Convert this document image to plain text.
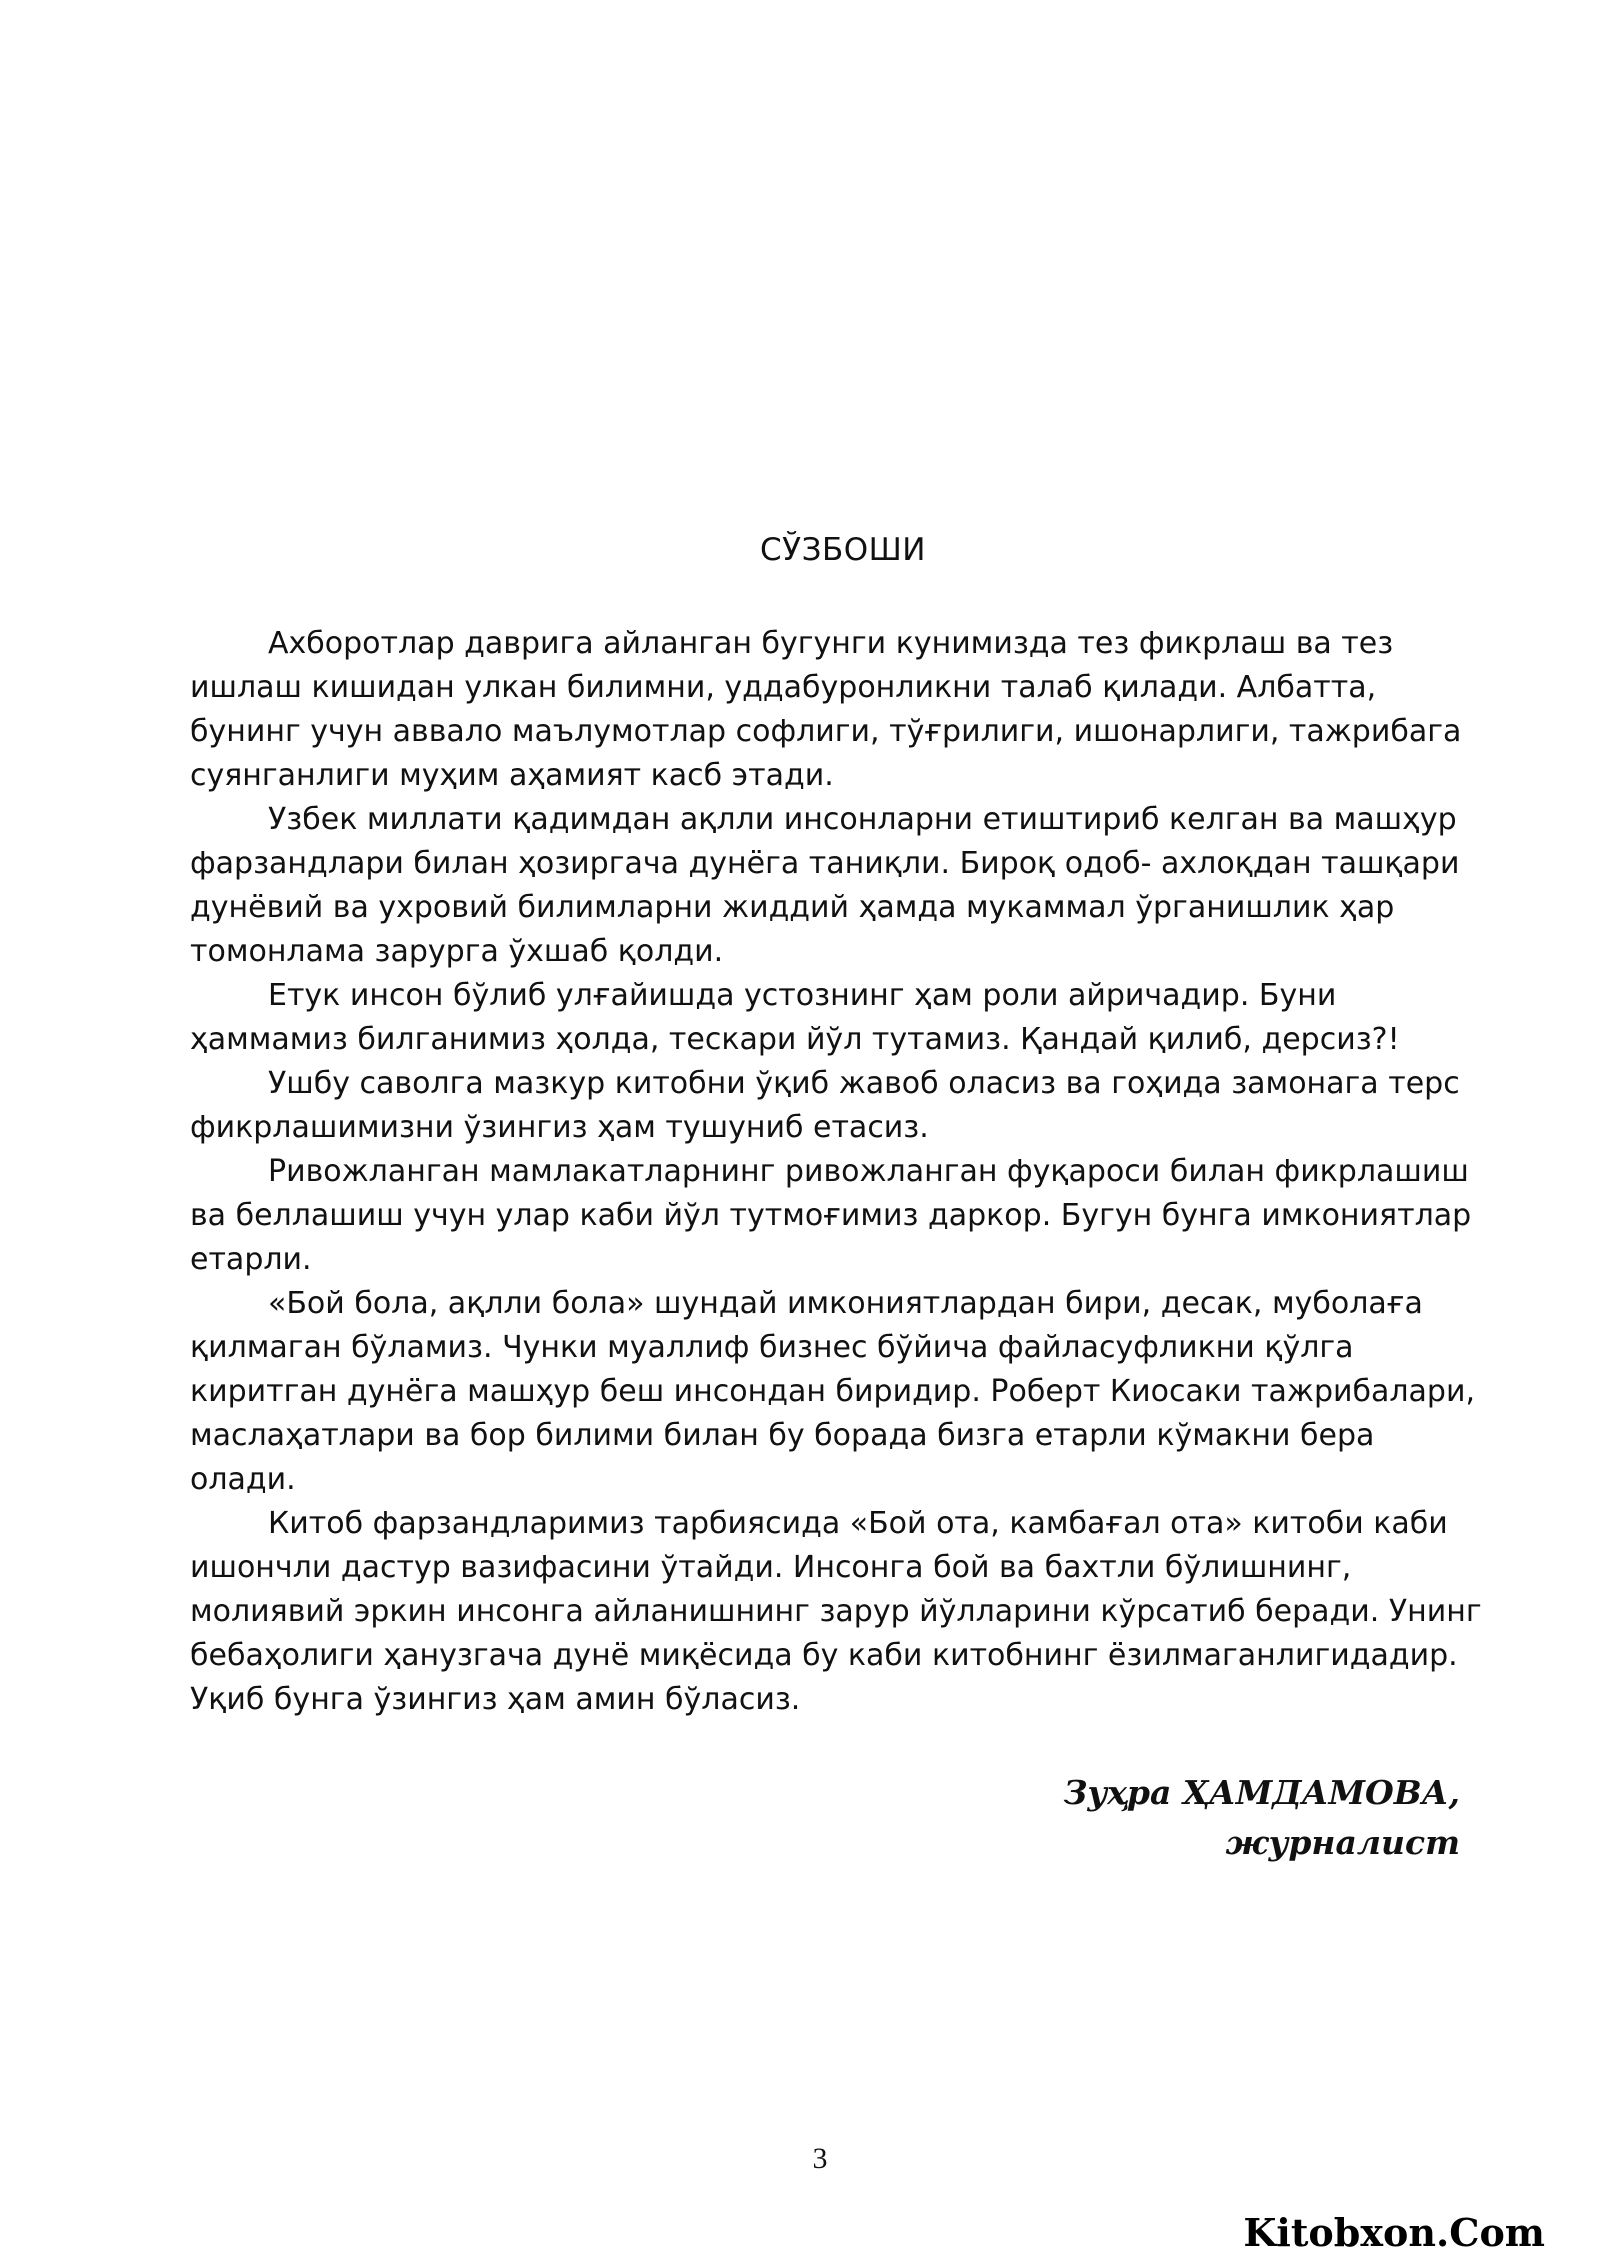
СЎЗБОШИ

Ахборотлар даврига айланган бугунги кунимизда тез фикрлаш ва тез ишлаш кишидан улкан билимни, уддабуронликни талаб қилади. Албатта, бунинг учун аввало маълумотлар софлиги, тўғрилиги, ишонарлиги, тажрибага суянганлиги муҳим аҳамият касб этади.

Узбек миллати қадимдан ақлли инсонларни етиштириб келган ва машҳур фарзандлари билан ҳозиргача дунёга таниқли. Бироқ одоб- ахлоқдан ташқари дунёвий ва ухровий билимларни жиддий ҳамда мукаммал ўрганишлик ҳар томонлама зарурга ўхшаб қолди.

Етук инсон бўлиб улғайишда устознинг ҳам роли айричадир. Буни ҳаммамиз билганимиз ҳолда, тескари йўл тутамиз. Қандай қилиб, дерсиз?!

Ушбу саволга мазкур китобни ўқиб жавоб оласиз ва гоҳида замонага терс фикрлашимизни ўзингиз ҳам тушуниб етасиз.

Ривожланган мамлакатларнинг ривожланган фуқароси билан фикрлашиш ва беллашиш учун улар каби йўл тутмоғимиз даркор. Бугун бунга имкониятлар етарли.

«Бой бола, ақлли бола» шундай имкониятлардан бири, десак, муболаға қилмаган бўламиз. Чунки муаллиф бизнес бўйича файласуфликни қўлга киритган дунёга машҳур беш инсондан биридир. Роберт Киосаки тажрибалари, маслаҳатлари ва бор билими билан бу борада бизга етарли кўмакни бера олади.

Китоб фарзандларимиз тарбиясида «Бой ота, камбағал ота» китоби каби ишончли дастур вазифасини ўтайди. Инсонга бой ва бахтли бўлишнинг, молиявий эркин инсонга айланишнинг зарур йўлларини кўрсатиб беради. Унинг бебаҳолиги ҳанузгача дунё миқёсида бу каби китобнинг ёзилмаганлигидадир. Уқиб бунга ўзингиз ҳам амин бўласиз.

Зуҳра ҲАМДАМОВА,
журналист
3
Kitobxon.Com
